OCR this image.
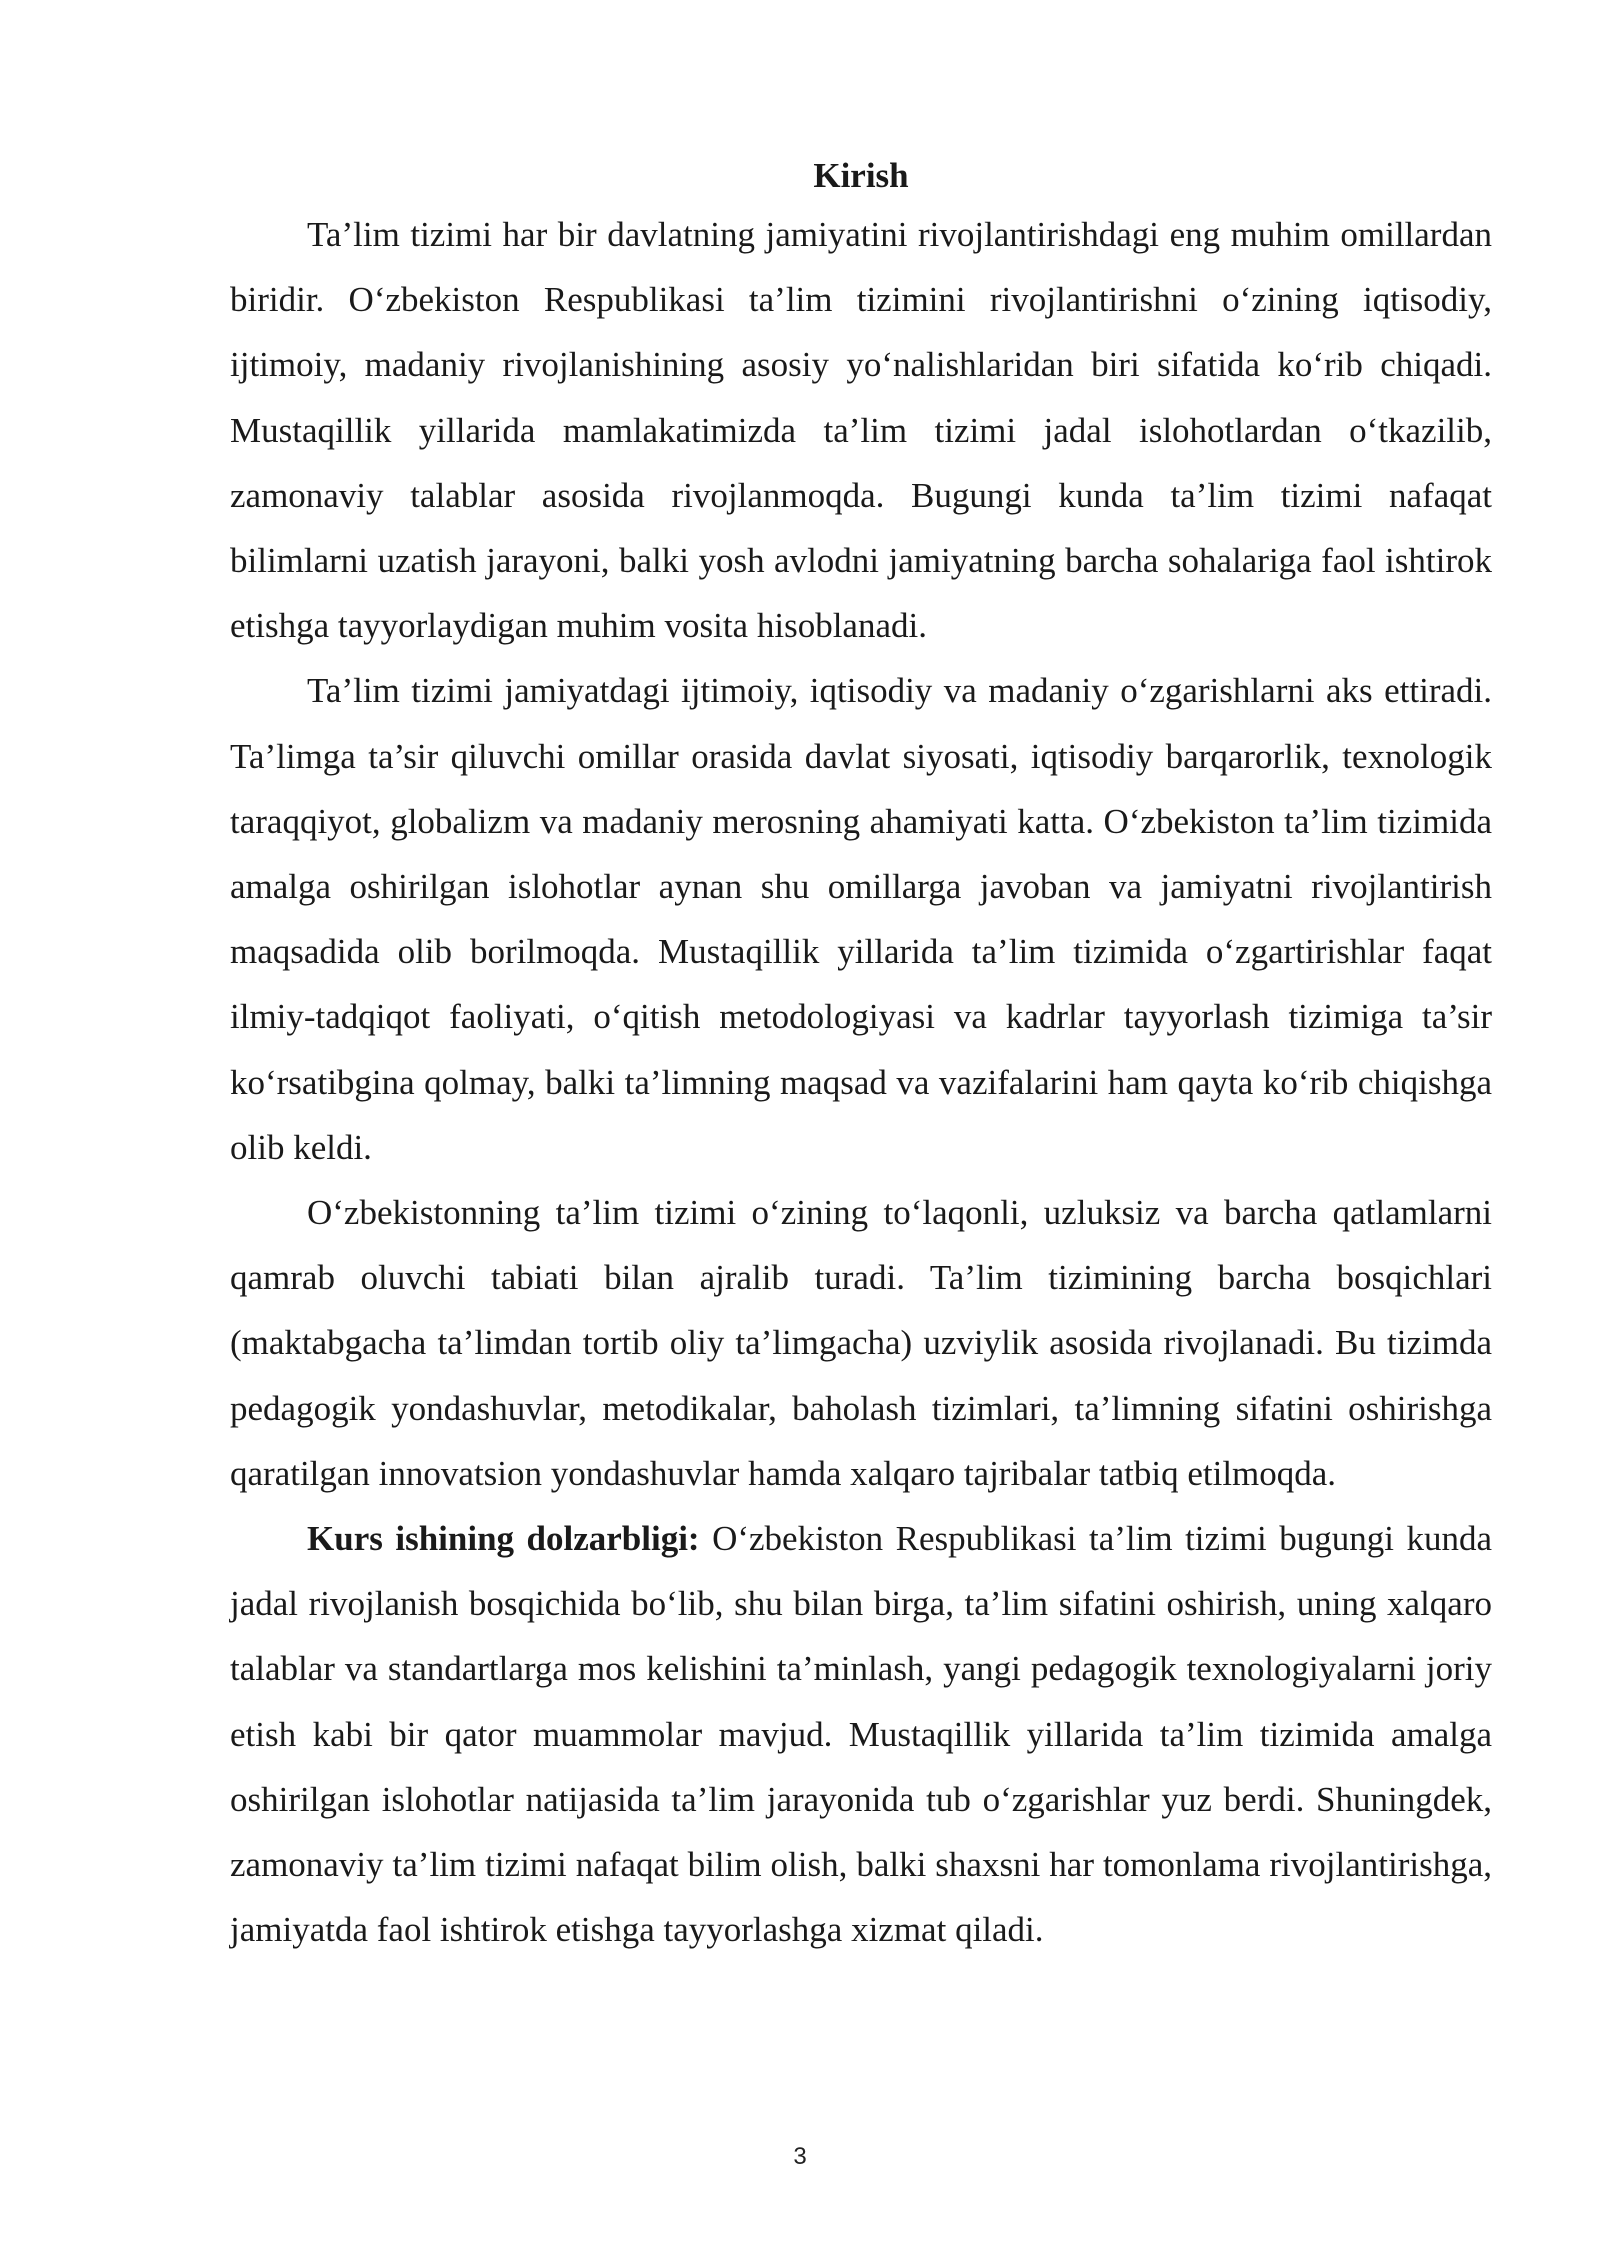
Kirish

Ta’lim tizimi har bir davlatning jamiyatini rivojlantirishdagi eng muhim omillardan biridir. O‘zbekiston Respublikasi ta’lim tizimini rivojlantirishni o‘zining iqtisodiy, ijtimoiy, madaniy rivojlanishining asosiy yo‘nalishlaridan biri sifatida ko‘rib chiqadi. Mustaqillik yillarida mamlakatimizda ta’lim tizimi jadal islohotlardan o‘tkazilib, zamonaviy talablar asosida rivojlanmoqda. Bugungi kunda ta’lim tizimi nafaqat bilimlarni uzatish jarayoni, balki yosh avlodni jamiyatning barcha sohalariga faol ishtirok etishga tayyorlaydigan muhim vosita hisoblanadi.

Ta’lim tizimi jamiyatdagi ijtimoiy, iqtisodiy va madaniy o‘zgarishlarni aks ettiradi. Ta’limga ta’sir qiluvchi omillar orasida davlat siyosati, iqtisodiy barqarorlik, texnologik taraqqiyot, globalizm va madaniy merosning ahamiyati katta. O‘zbekiston ta’lim tizimida amalga oshirilgan islohotlar aynan shu omillarga javoban va jamiyatni rivojlantirish maqsadida olib borilmoqda. Mustaqillik yillarida ta’lim tizimida o‘zgartirishlar faqat ilmiy-tadqiqot faoliyati, o‘qitish metodologiyasi va kadrlar tayyorlash tizimiga ta’sir ko‘rsatibgina qolmay, balki ta’limning maqsad va vazifalarini ham qayta ko‘rib chiqishga olib keldi.

O‘zbekistonning ta’lim tizimi o‘zining to‘laqonli, uzluksiz va barcha qatlamlarni qamrab oluvchi tabiati bilan ajralib turadi. Ta’lim tizimining barcha bosqichlari (maktabgacha ta’limdan tortib oliy ta’limgacha) uzviylik asosida rivojlanadi. Bu tizimda pedagogik yondashuvlar, metodikalar, baholash tizimlari, ta’limning sifatini oshirishga qaratilgan innovatsion yondashuvlar hamda xalqaro tajribalar tatbiq etilmoqda.

Kurs ishining dolzarbligi: O‘zbekiston Respublikasi ta’lim tizimi bugungi kunda jadal rivojlanish bosqichida bo‘lib, shu bilan birga, ta’lim sifatini oshirish, uning xalqaro talablar va standartlarga mos kelishini ta’minlash, yangi pedagogik texnologiyalarni joriy etish kabi bir qator muammolar mavjud. Mustaqillik yillarida ta’lim tizimida amalga oshirilgan islohotlar natijasida ta’lim jarayonida tub o‘zgarishlar yuz berdi. Shuningdek, zamonaviy ta’lim tizimi nafaqat bilim olish, balki shaxsni har tomonlama rivojlantirishga, jamiyatda faol ishtirok etishga tayyorlashga xizmat qiladi.

3
